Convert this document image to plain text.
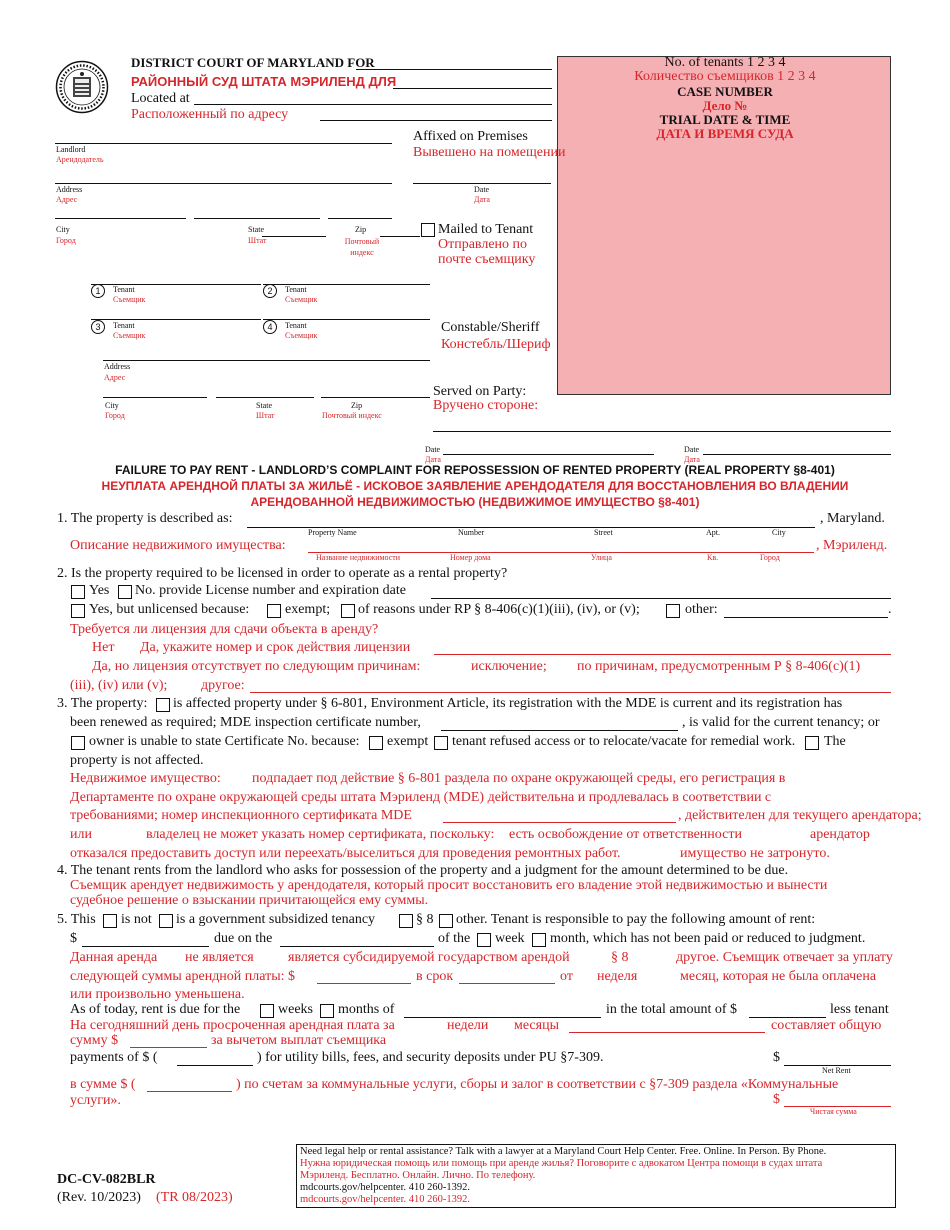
DISTRICT COURT OF MARYLAND FOR
РАЙОННЫЙ СУД ШТАТА МЭРИЛЕНД ДЛЯ
Located at
Расположенный по адресу
No. of tenants 1 2 3 4
Количество съемщиков 1 2 3 4
CASE NUMBER
Дело №
TRIAL DATE & TIME
ДАТА И ВРЕМЯ СУДА
Landlord
Арендодатель
Address
Адрес
City
Город
State
Штат
Zip
Почтовый индекс
Affixed on Premises
Вывешено на помещении
Date
Дата
Mailed to Tenant
Отправлено по почте съемщику
Constable/Sheriff
Констебль/Шериф
Served on Party:
Вручено стороне:
Date
Дата
Date
Дата
1	Tenant
Съемщик
2	Tenant
Съемщик
3	Tenant
Съемщик
4	Tenant
Съемщик
Address
Адрес
City
Город
State
Штат
Zip
Почтовый индекс
FAILURE TO PAY RENT - LANDLORD’S COMPLAINT FOR REPOSSESSION OF RENTED PROPERTY (REAL PROPERTY §8-401)
НЕУПЛАТА АРЕНДНОЙ ПЛАТЫ ЗА ЖИЛЬЁ - ИСКОВОЕ ЗАЯВЛЕНИЕ АРЕНДОДАТЕЛЯ ДЛЯ ВОССТАНОВЛЕНИЯ ВО ВЛАДЕНИИ
АРЕНДОВАННОЙ НЕДВИЖИМОСТЬЮ (НЕДВИЖИМОЕ ИМУЩЕСТВО §8-401)
1. The property is described as:	, Maryland.
Property Name	Number	Street	Apt.	City
Описание недвижимого имущества:	, Мэриленд.
Название недвижимости	Номер дома	Улица	Кв.	Город
2. Is the property required to be licensed in order to operate as a rental property?
Yes No. provide License number and expiration date
Yes, but unlicensed because:	exempt; of reasons under RP § 8-406(c)(1)(iii), (iv), or (v);	other:	.
Требуется ли лицензия для сдачи объекта в аренду?
Нет Да, укажите номер и срок действия лицензии
Да, но лицензия отсутствует по следующим причинам:	исключение; по причинам, предусмотренным Р § 8-406(c)(1)
(iii), (iv) или (v); другое:
3. The property: is affected property under § 6-801, Environment Article, its registration with the MDE is current and its registration has
been renewed as required; MDE inspection certificate number,	, is valid for the current tenancy; or
owner is unable to state Certificate No. because: exempt tenant refused access or to relocate/vacate for remedial work. The
property is not affected.
Недвижимое имущество: подпадает под действие § 6-801 раздела по охране окружающей среды, его регистрация в
Департаменте по охране окружающей среды штата Мэриленд (MDE) действительна и продлевалась в соответствии с
требованиями; номер инспекционного сертификата MDE	, действителен для текущего арендатора;
или	владелец не может указать номер сертификата, поскольку: есть освобождение от ответственности	арендатор
отказался предоставить доступ или переехать/выселиться для проведения ремонтных работ.	имущество не затронуто.
4. The tenant rents from the landlord who asks for possession of the property and a judgment for the amount determined to be due.
Съемщик арендует недвижимость у арендодателя, который просит восстановить его владение этой недвижимостью и вынести
судебное решение о взыскании причитающейся ему суммы.
5. This is not is a government subsidized tenancy	§ 8 other. Tenant is responsible to pay the following amount of rent:
$	due on the	of the week month, which has not been paid or reduced to judgment.
Данная аренда не является является субсидируемой государством арендой	§ 8	другое. Съемщик отвечает за уплату
следующей суммы арендной платы: $	в срок	от неделя	месяц, которая не была оплачена
или произвольно уменьшена.
As of today, rent is due for the	weeks months of	in the total amount of $	less tenant
На сегодняшний день просроченная арендная плата за	недели месяцы	составляет общую
сумму $	за вычетом выплат съемщика
payments of $ (	) for utility bills, fees, and security deposits under PU §7-309.	$
Net Rent
в сумме $ (	) по счетам за коммунальные услуги, сборы и залог в соответствии с §7-309 раздела «Коммунальные
услуги».	$
Чистая сумма
DC-CV-082BLR
(Rev. 10/2023) (TR 08/2023)
Need legal help or rental assistance? Talk with a lawyer at a Maryland Court Help Center. Free. Online. In Person. By Phone.
Нужна юридическая помощь или помощь при аренде жилья? Поговорите с адвокатом Центра помощи в судах штата
Мэриленд. Бесплатно. Онлайн. Лично. По телефону.
mdcourts.gov/helpcenter. 410 260-1392.
mdcourts.gov/helpcenter. 410 260-1392.
